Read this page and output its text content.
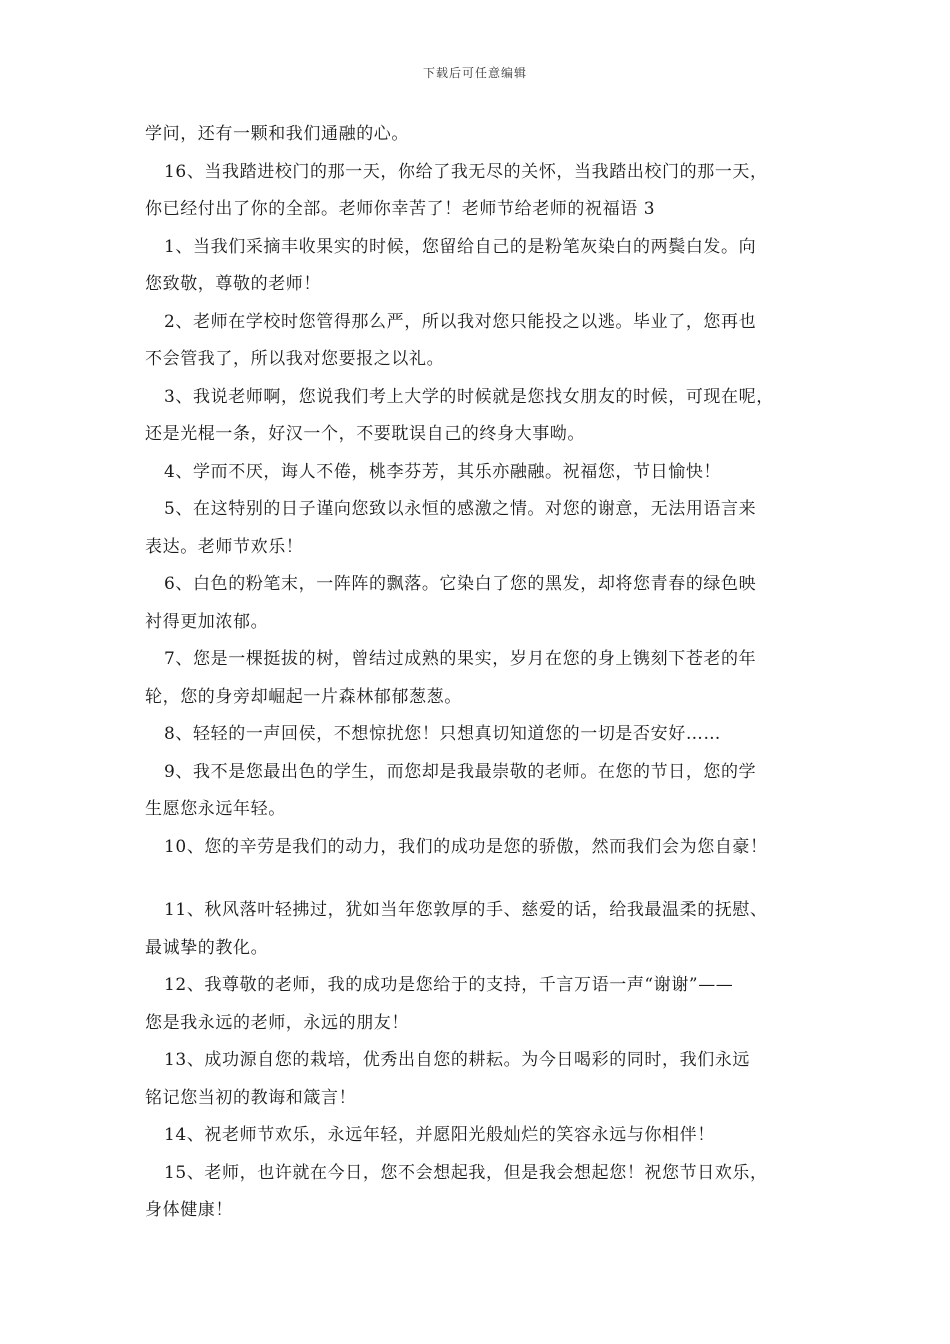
下载后可任意编辑
学问，还有一颗和我们通融的心。
16、当我踏进校门的那一天，你给了我无尽的关怀，当我踏出校门的那一天，
你已经付出了你的全部。老师你幸苦了！老师节给老师的祝福语 3
1、当我们采摘丰收果实的时候，您留给自己的是粉笔灰染白的两鬓白发。向
您致敬，尊敬的老师！
2、老师在学校时您管得那么严，所以我对您只能投之以逃。毕业了，您再也
不会管我了，所以我对您要报之以礼。
3、我说老师啊，您说我们考上大学的时候就是您找女朋友的时候，可现在呢，
还是光棍一条，好汉一个，不要耽误自己的终身大事呦。
4、学而不厌，诲人不倦，桃李芬芳，其乐亦融融。祝福您，节日愉快！
5、在这特别的日子谨向您致以永恒的感激之情。对您的谢意，无法用语言来
表达。老师节欢乐！
6、白色的粉笔末，一阵阵的飘落。它染白了您的黑发，却将您青春的绿色映
衬得更加浓郁。
7、您是一棵挺拔的树，曾结过成熟的果实，岁月在您的身上镌刻下苍老的年
轮，您的身旁却崛起一片森林郁郁葱葱。
8、轻轻的一声回侯，不想惊扰您！只想真切知道您的一切是否安好……
9、我不是您最出色的学生，而您却是我最崇敬的老师。在您的节日，您的学
生愿您永远年轻。
10、您的辛劳是我们的动力，我们的成功是您的骄傲，然而我们会为您自豪！
11、秋风落叶轻拂过，犹如当年您敦厚的手、慈爱的话，给我最温柔的抚慰、
最诚挚的教化。
12、我尊敬的老师，我的成功是您给于的支持，千言万语一声“谢谢”——
您是我永远的老师，永远的朋友！
13、成功源自您的栽培，优秀出自您的耕耘。为今日喝彩的同时，我们永远
铭记您当初的教诲和箴言！
14、祝老师节欢乐，永远年轻，并愿阳光般灿烂的笑容永远与你相伴！
15、老师，也许就在今日，您不会想起我，但是我会想起您！祝您节日欢乐，
身体健康！
